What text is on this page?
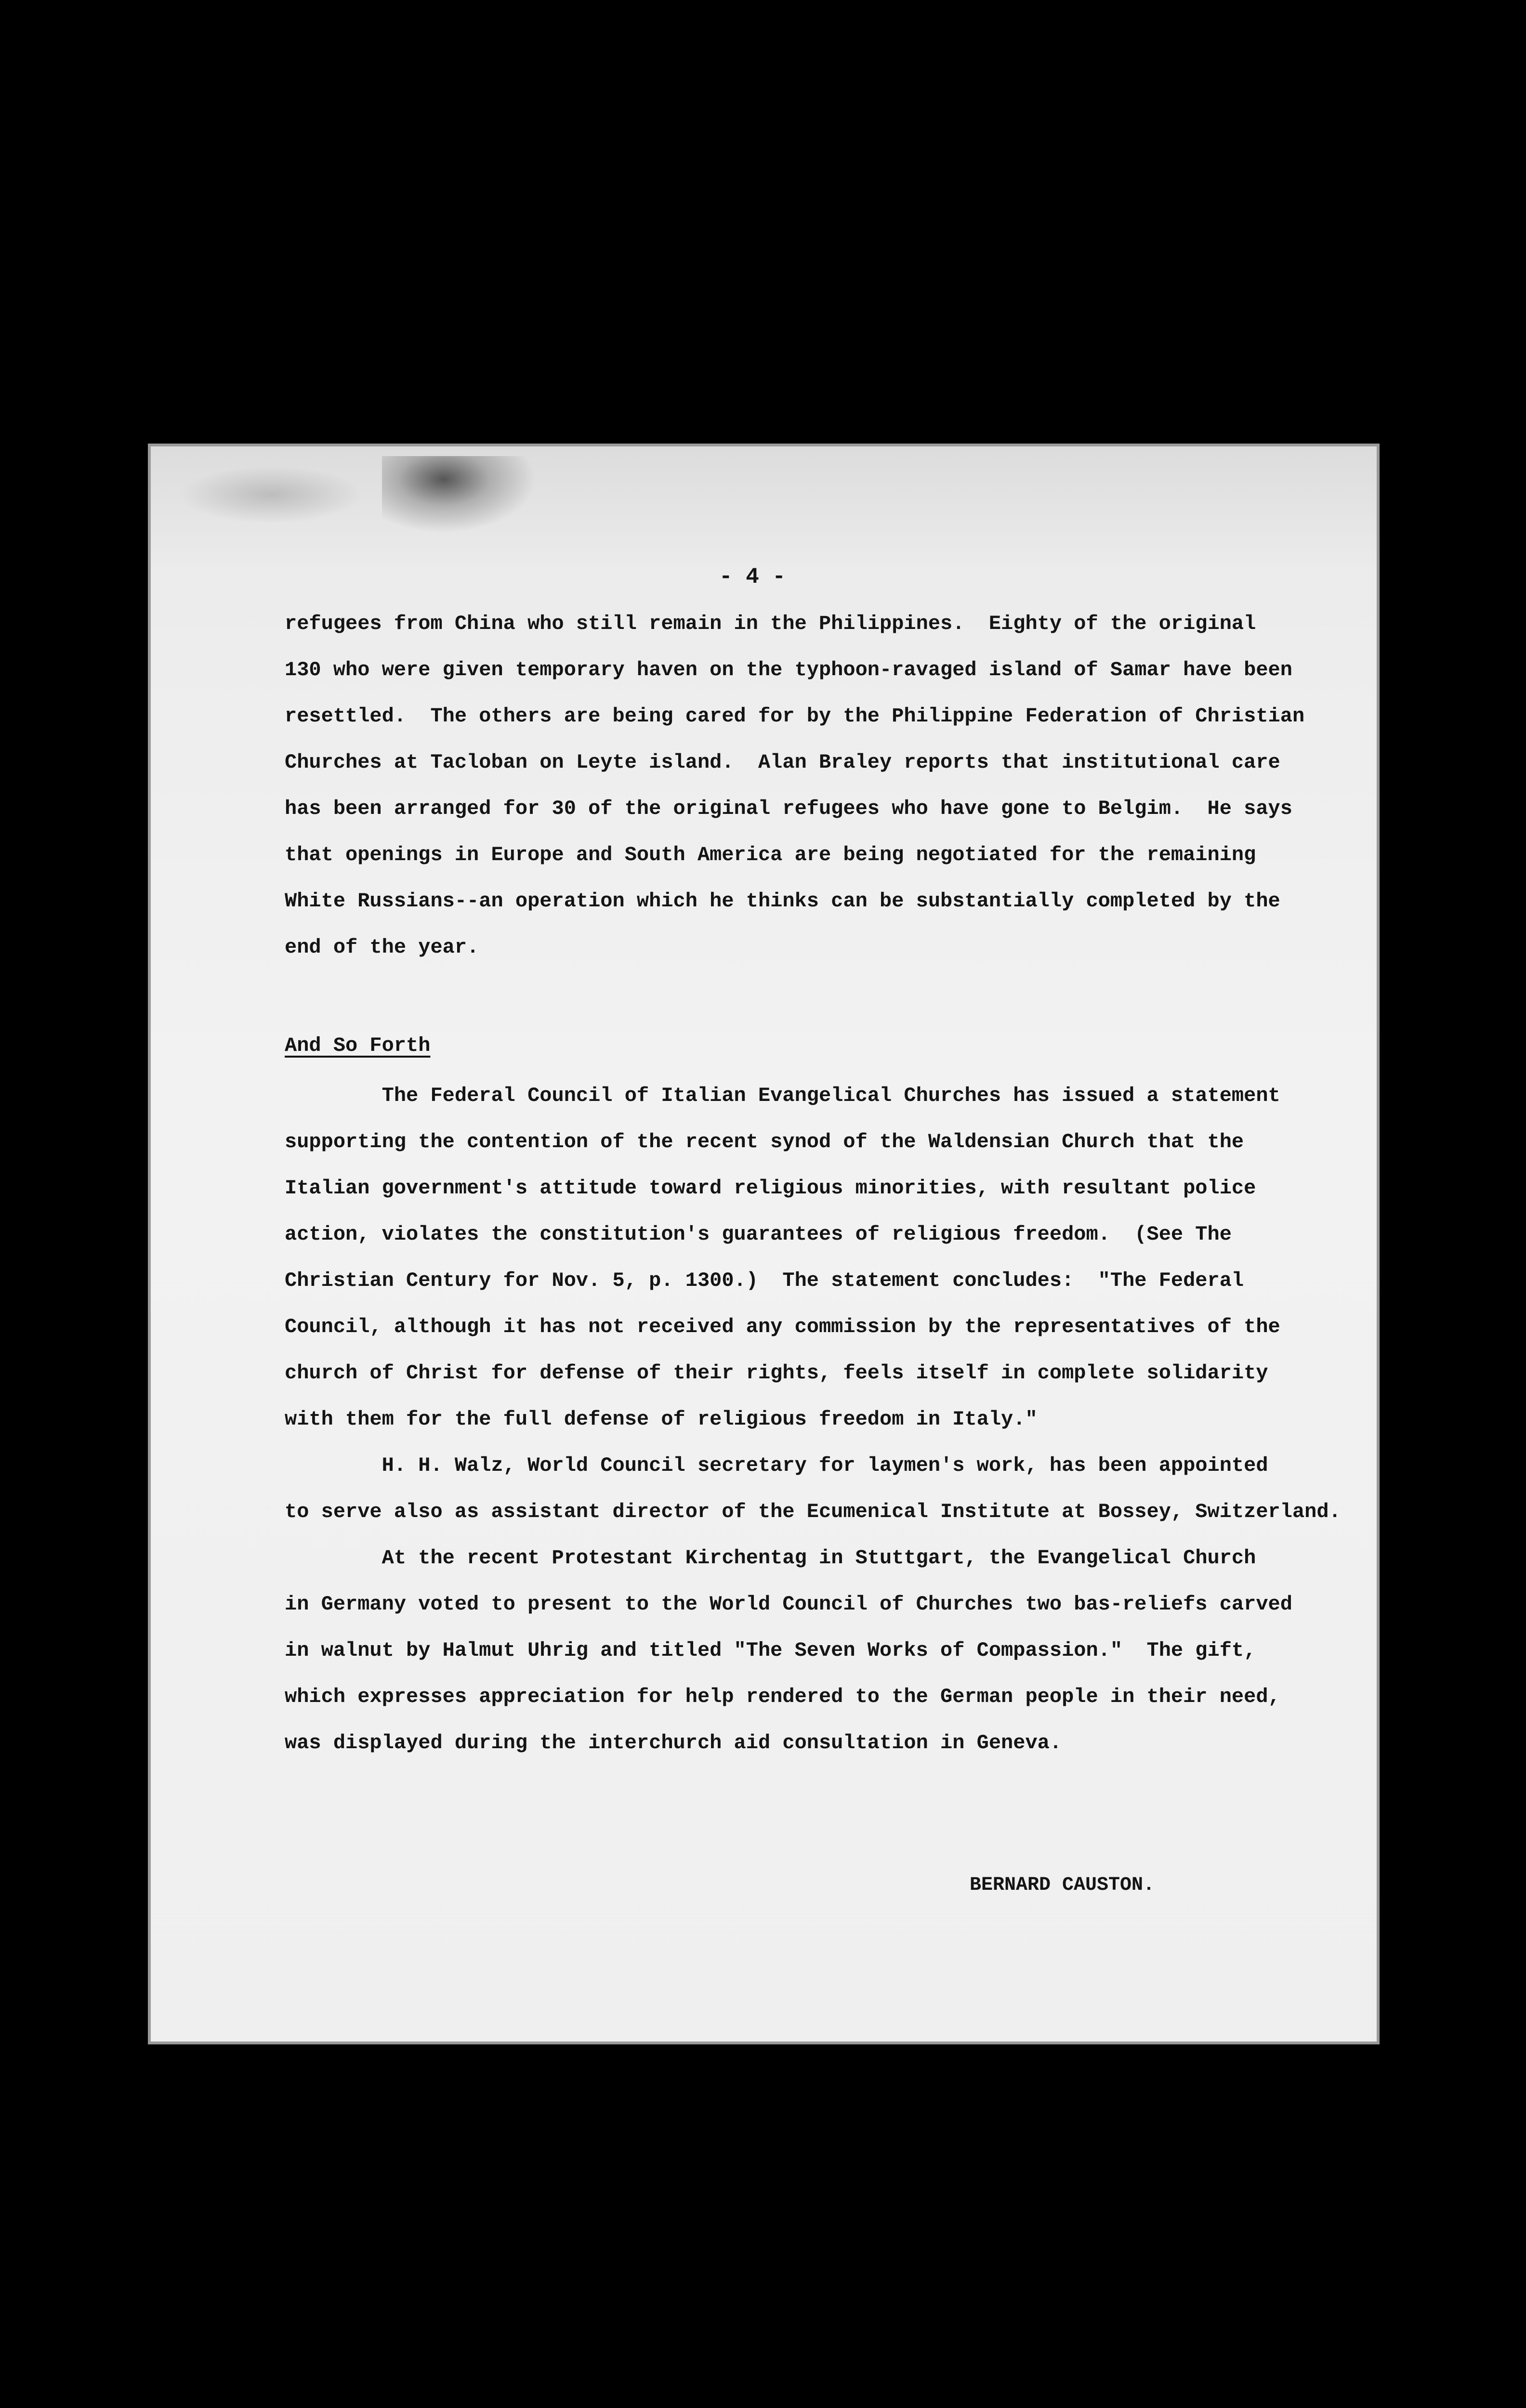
- 4 -
refugees from China who still remain in the Philippines.  Eighty of the original
130 who were given temporary haven on the typhoon-ravaged island of Samar have been
resettled.  The others are being cared for by the Philippine Federation of Christian
Churches at Tacloban on Leyte island.  Alan Braley reports that institutional care
has been arranged for 30 of the original refugees who have gone to Belgim.  He says
that openings in Europe and South America are being negotiated for the remaining
White Russians--an operation which he thinks can be substantially completed by the
end of the year.
And So Forth
The Federal Council of Italian Evangelical Churches has issued a statement
supporting the contention of the recent synod of the Waldensian Church that the
Italian government's attitude toward religious minorities, with resultant police
action, violates the constitution's guarantees of religious freedom.  (See The
Christian Century for Nov. 5, p. 1300.)  The statement concludes:  "The Federal
Council, although it has not received any commission by the representatives of the
church of Christ for defense of their rights, feels itself in complete solidarity
with them for the full defense of religious freedom in Italy."
H. H. Walz, World Council secretary for laymen's work, has been appointed
to serve also as assistant director of the Ecumenical Institute at Bossey, Switzerland.
At the recent Protestant Kirchentag in Stuttgart, the Evangelical Church
in Germany voted to present to the World Council of Churches two bas-reliefs carved
in walnut by Halmut Uhrig and titled "The Seven Works of Compassion."  The gift,
which expresses appreciation for help rendered to the German people in their need,
was displayed during the interchurch aid consultation in Geneva.
BERNARD CAUSTON.
